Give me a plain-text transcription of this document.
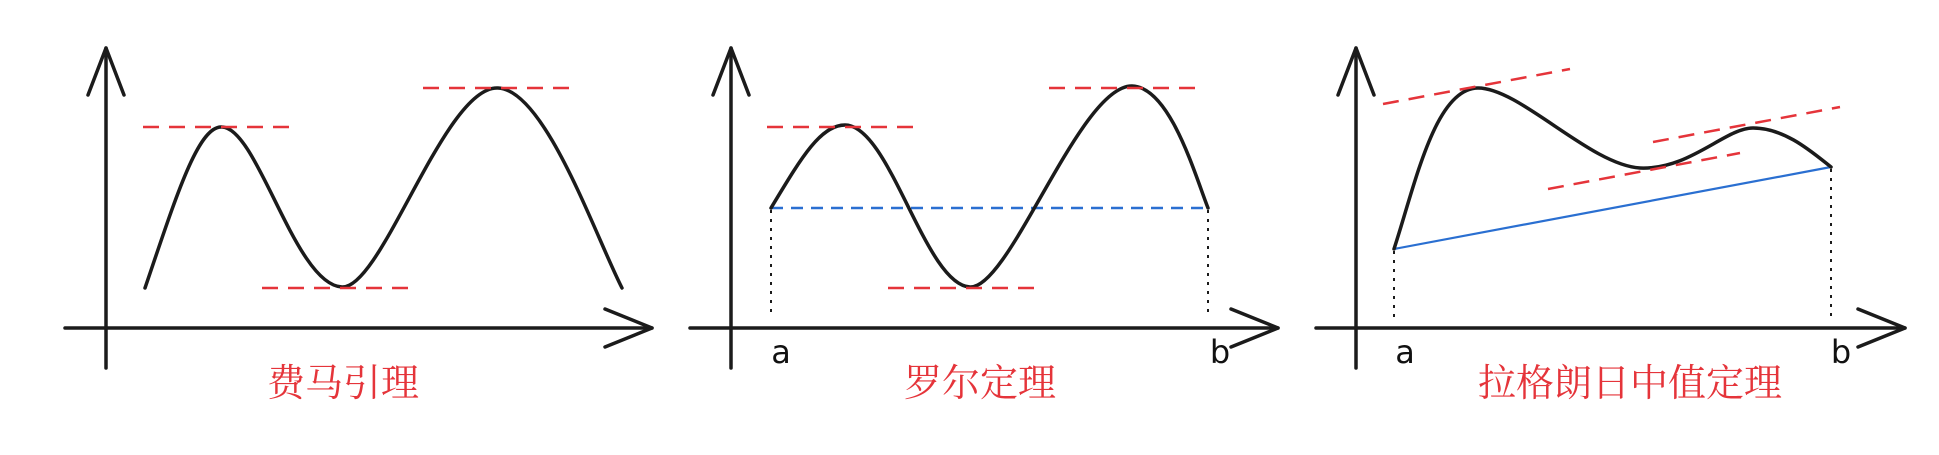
费马引理
a	b
罗尔定理
a	b
拉格朗日中值定理
